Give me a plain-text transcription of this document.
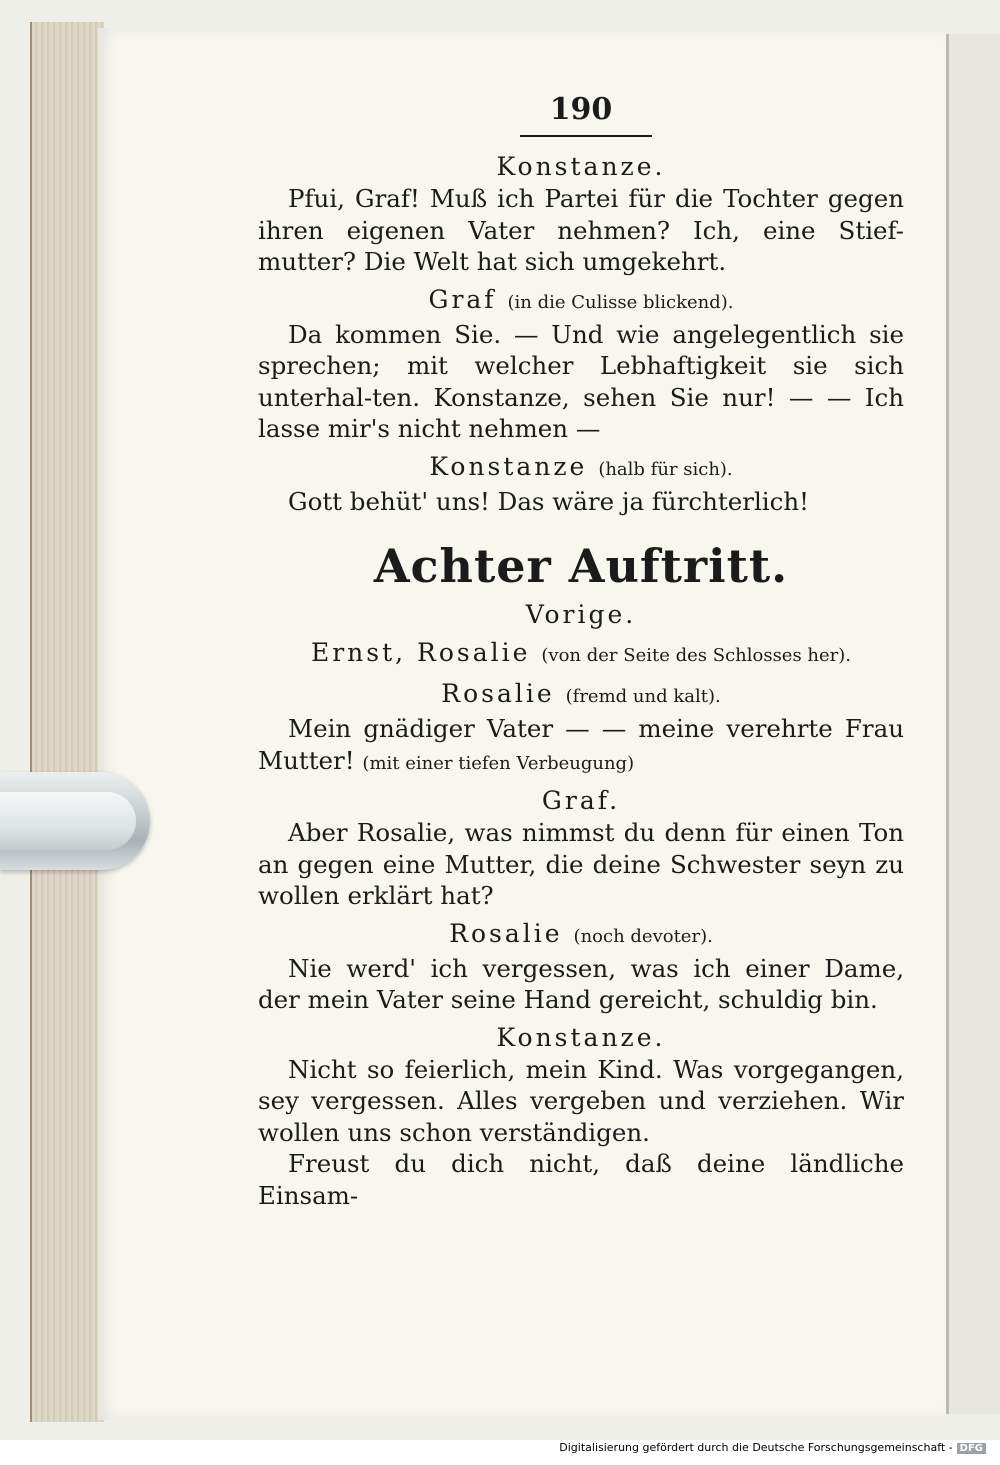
190
Konstanze.

Pfui, Graf! Muß ich Partei für die Tochter gegen ihren eigenen Vater nehmen? Ich, eine Stief-mutter? Die Welt hat sich umgekehrt.

Graf (in die Culisse blickend).

Da kommen Sie. — Und wie angelegentlich sie sprechen; mit welcher Lebhaftigkeit sie sich unterhal-ten. Konstanze, sehen Sie nur! — — Ich lasse mir's nicht nehmen —

Konstanze (halb für sich).

Gott behüt' uns! Das wäre ja fürchterlich!

Achter Auftritt.
Vorige.
Ernst, Rosalie (von der Seite des Schlosses her).
Rosalie (fremd und kalt).

Mein gnädiger Vater — — meine verehrte Frau Mutter! (mit einer tiefen Verbeugung)

Graf.

Aber Rosalie, was nimmst du denn für einen Ton an gegen eine Mutter, die deine Schwester seyn zu wollen erklärt hat?

Rosalie (noch devoter).

Nie werd' ich vergessen, was ich einer Dame, der mein Vater seine Hand gereicht, schuldig bin.

Konstanze.

Nicht so feierlich, mein Kind. Was vorgegangen, sey vergessen. Alles vergeben und verziehen. Wir wollen uns schon verständigen.

Freust du dich nicht, daß deine ländliche Einsam-

Digitalisierung gefördert durch die Deutsche Forschungsgemeinschaft - DFG
